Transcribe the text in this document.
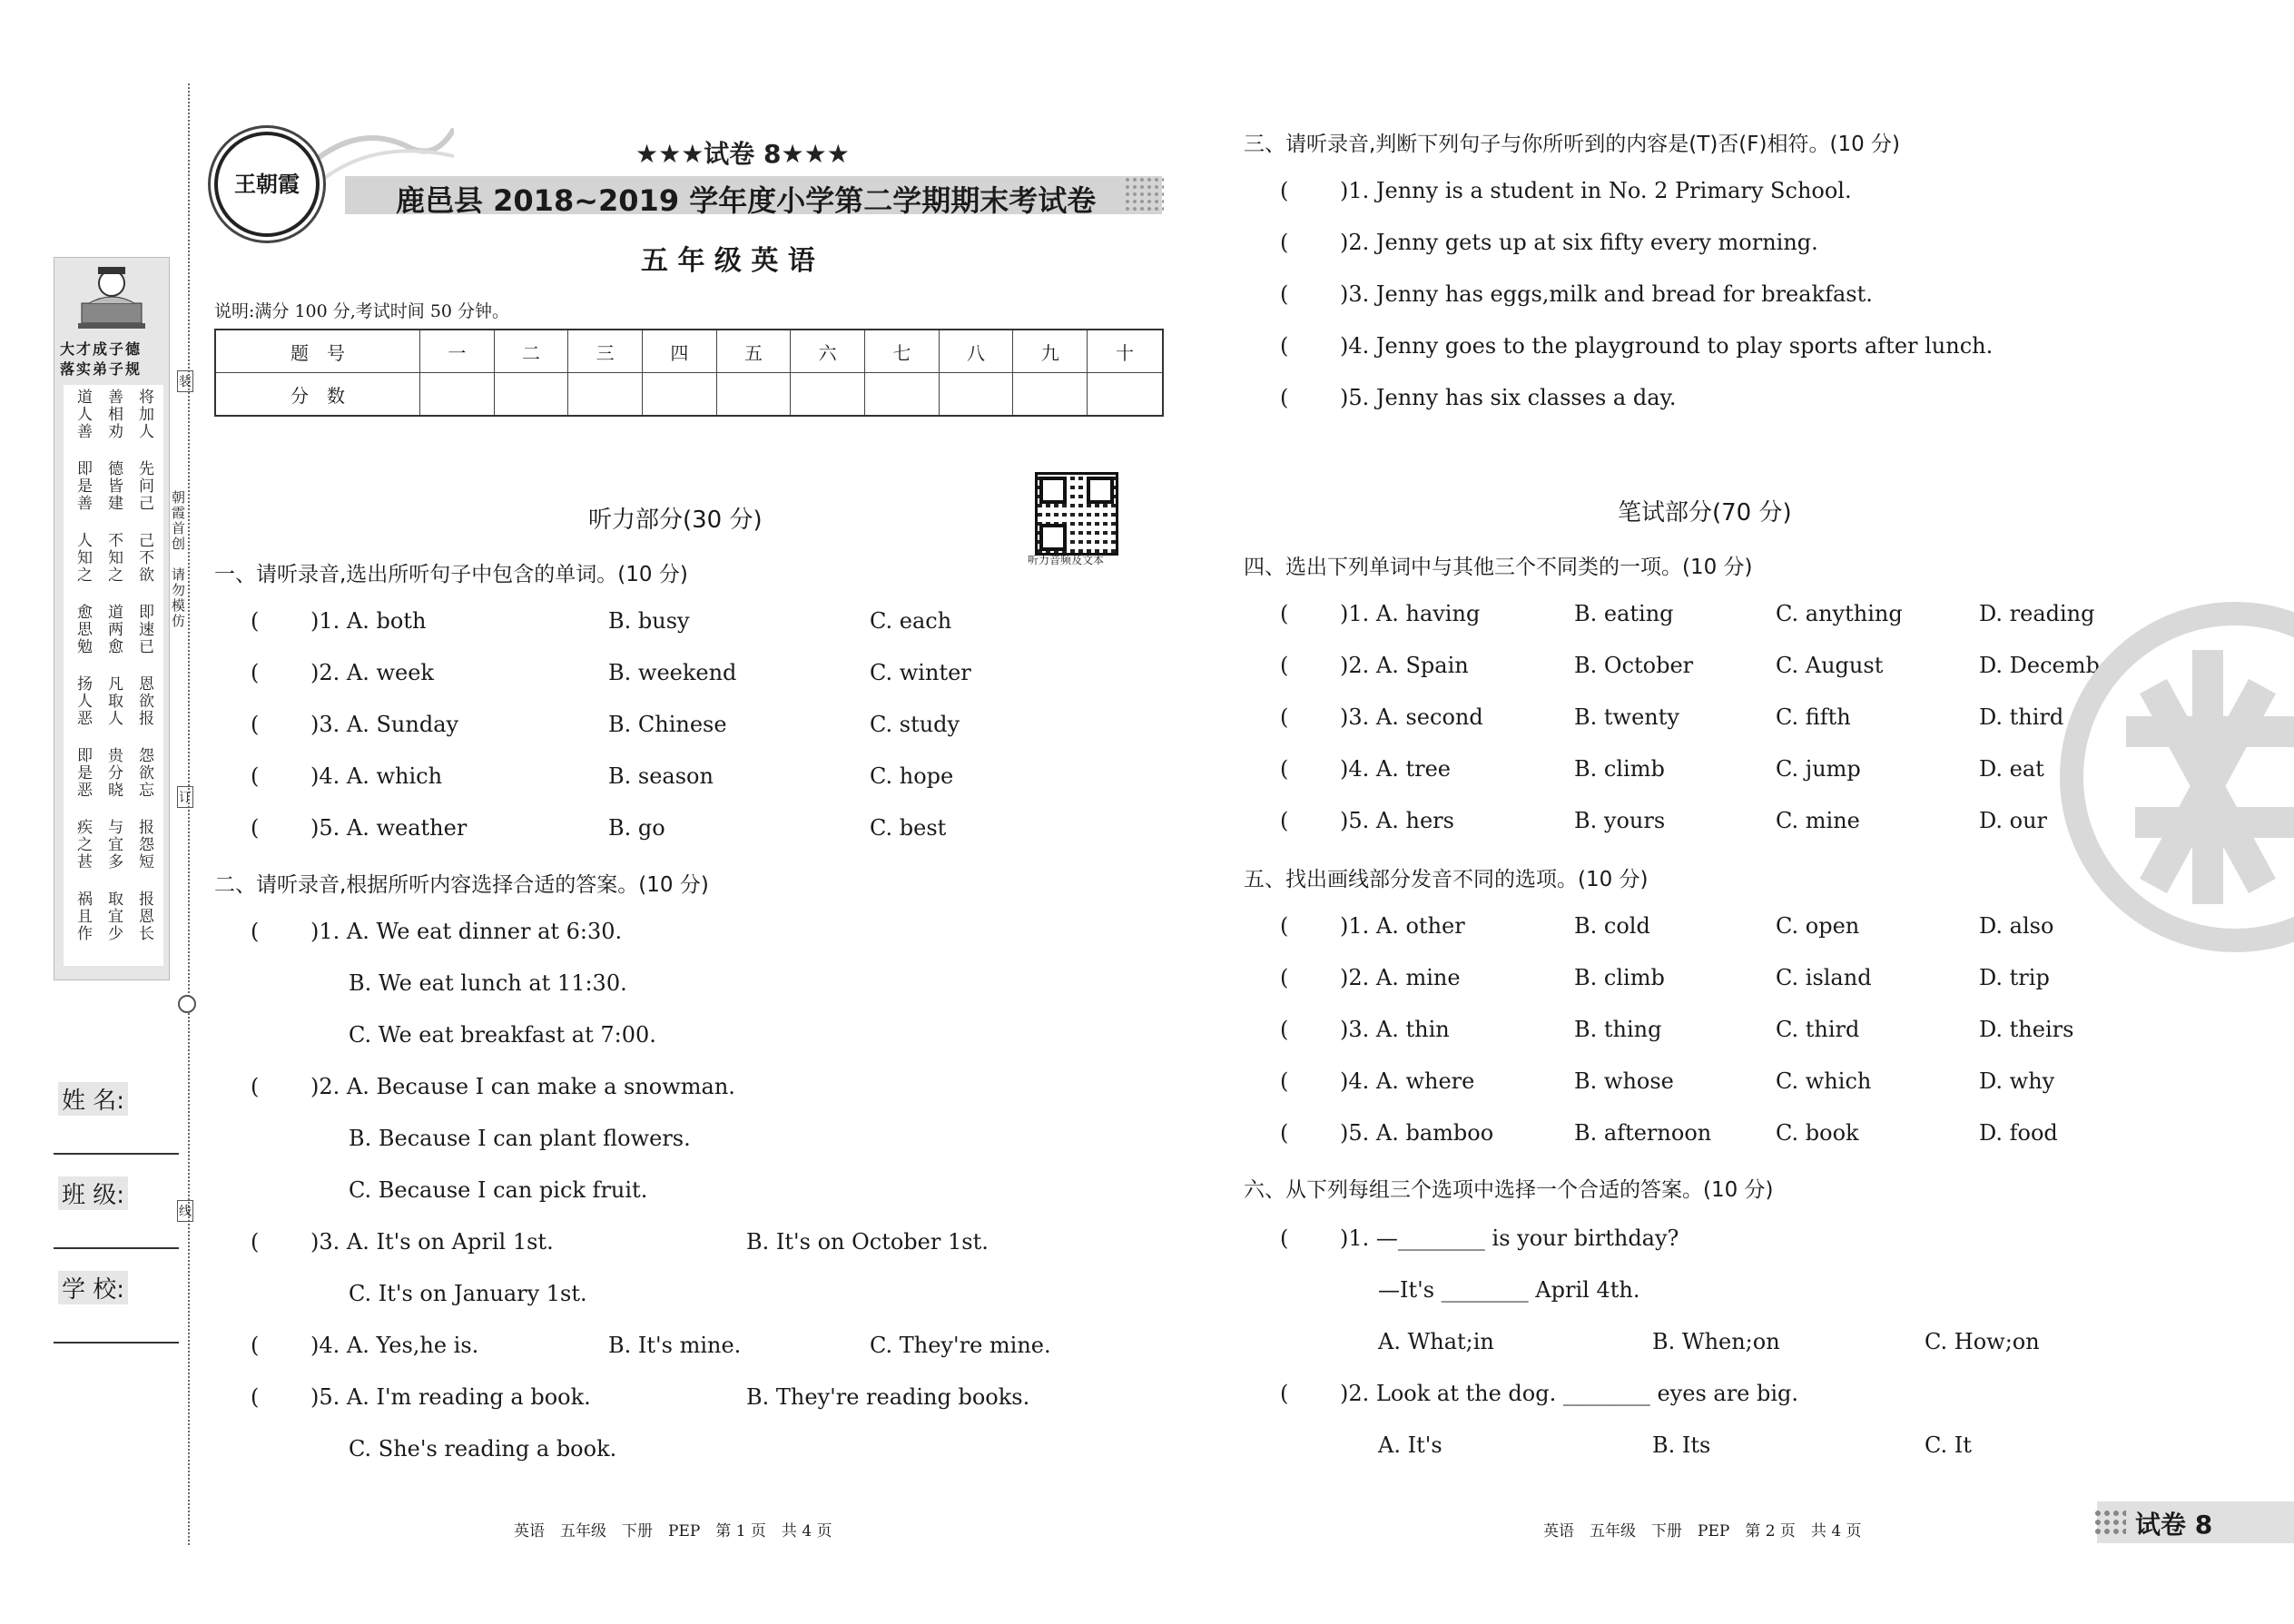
大才成子德
落实弟子规
将加人
善相劝
道人善
先问己
德皆建
即是善
己不欲
不知之
人知之
即速已
道两愈
愈思勉
恩欲报
凡取人
扬人恶
怨欲忘
贵分晓
即是恶
报怨短
与宜多
疾之甚
报恩长
取宜少
祸且作
朝霞首创　请勿模仿
装
订
线
姓 名:
班 级:
学 校:
王朝霞
★★★试卷 8★★★
鹿邑县 2018~2019 学年度小学第二学期期末考试卷
五 年 级 英 语
说明:满分 100 分,考试时间 50 分钟。
题　号	一	二	三	四	五	六	七	八	九	十
分　数										
听力音频及文本
听力部分(30 分)
一、请听录音,选出所听句子中包含的单词。(10 分)
( )1. A. both	B. busy	C. each
( )2. A. week	B. weekend	C. winter
( )3. A. Sunday	B. Chinese	C. study
( )4. A. which	B. season	C. hope
( )5. A. weather	B. go	C. best
二、请听录音,根据所听内容选择合适的答案。(10 分)
( )1. A. We eat dinner at 6:30.
B. We eat lunch at 11:30.
C. We eat breakfast at 7:00.
( )2. A. Because I can make a snowman.
B. Because I can plant flowers.
C. Because I can pick fruit.
( )3. A. It's on April 1st.	B. It's on October 1st.
C. It's on January 1st.
( )4. A. Yes,he is.	B. It's mine.	C. They're mine.
( )5. A. I'm reading a book.	B. They're reading books.
C. She's reading a book.
英语　五年级　下册　PEP　第 1 页　共 4 页
三、请听录音,判断下列句子与你所听到的内容是(T)否(F)相符。(10 分)
( )1. Jenny is a student in No. 2 Primary School.
( )2. Jenny gets up at six fifty every morning.
( )3. Jenny has eggs,milk and bread for breakfast.
( )4. Jenny goes to the playground to play sports after lunch.
( )5. Jenny has six classes a day.
笔试部分(70 分)
四、选出下列单词中与其他三个不同类的一项。(10 分)
( )1. A. having	B. eating	C. anything	D. reading
( )2. A. Spain	B. October	C. August	D. December
( )3. A. second	B. twenty	C. fifth	D. third
( )4. A. tree	B. climb	C. jump	D. eat
( )5. A. hers	B. yours	C. mine	D. our
五、找出画线部分发音不同的选项。(10 分)
( )1. A. other	B. cold	C. open	D. also
( )2. A. mine	B. climb	C. island	D. trip
( )3. A. thin	B. thing	C. third	D. theirs
( )4. A. where	B. whose	C. which	D. why
( )5. A. bamboo	B. afternoon	C. book	D. food
六、从下列每组三个选项中选择一个合适的答案。(10 分)
( )1. —________ is your birthday?
—It's ________ April 4th.
A. What;in	B. When;on	C. How;on
( )2. Look at the dog. ________ eyes are big.
A. It's	B. Its	C. It
英语　五年级　下册　PEP　第 2 页　共 4 页	试卷 8
